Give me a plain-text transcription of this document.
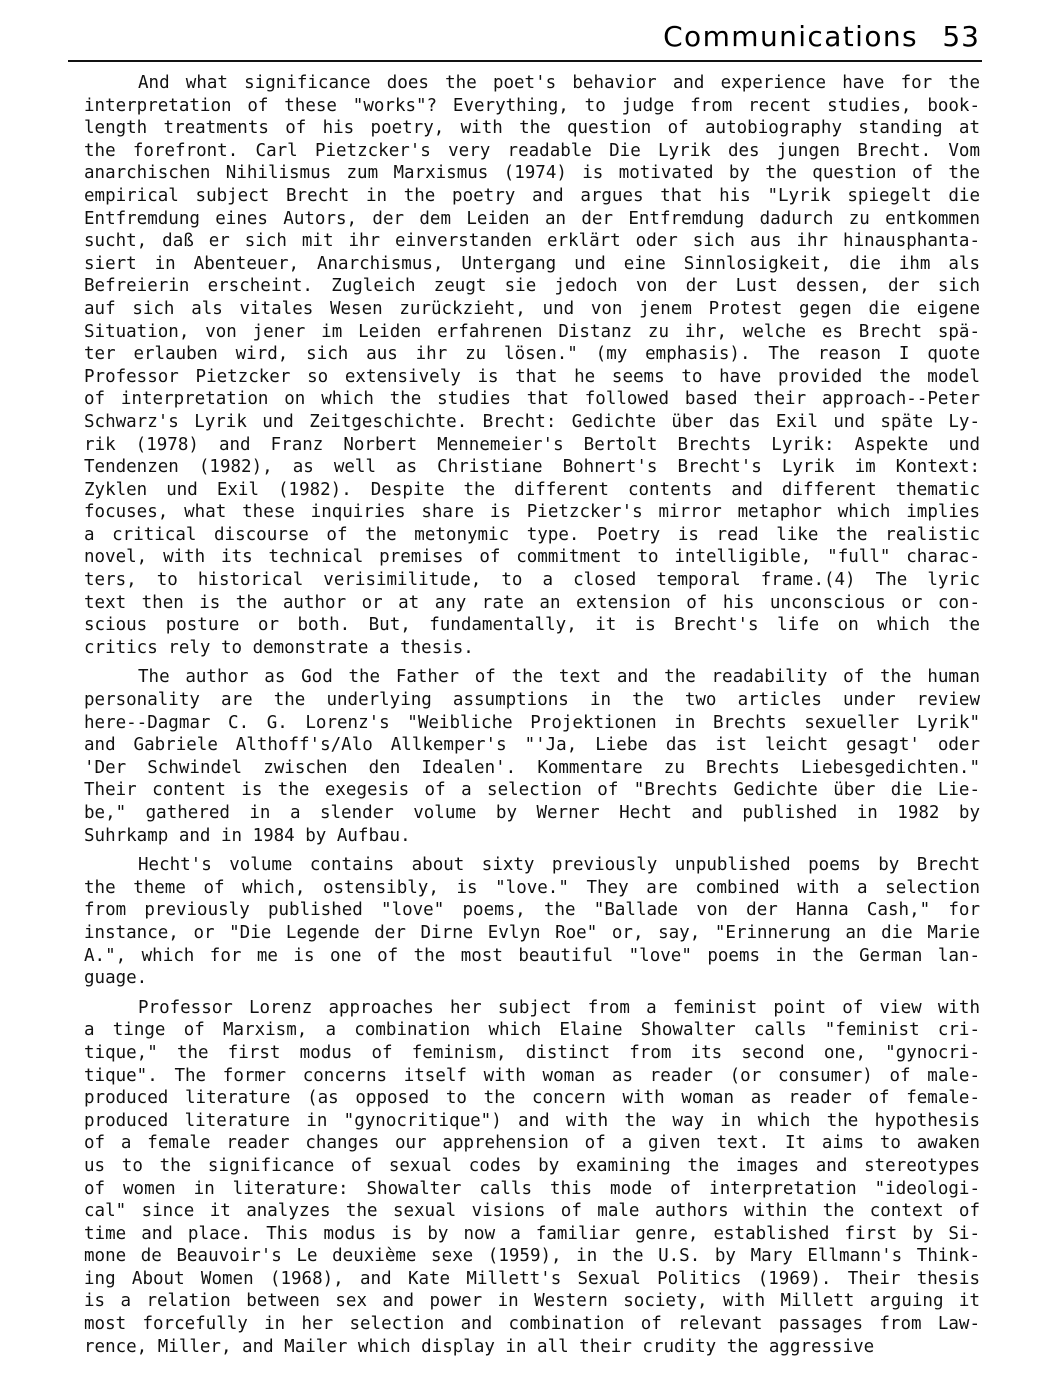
Communications 53
And what significance does the poet's behavior and experience have for the
interpretation of these "works"? Everything, to judge from recent studies, book-
length treatments of his poetry, with the question of autobiography standing at
the forefront. Carl Pietzcker's very readable Die Lyrik des jungen Brecht. Vom
anarchischen Nihilismus zum Marxismus (1974) is motivated by the question of the
empirical subject Brecht in the poetry and argues that his "Lyrik spiegelt die
Entfremdung eines Autors, der dem Leiden an der Entfremdung dadurch zu entkommen
sucht, daß er sich mit ihr einverstanden erklärt oder sich aus ihr hinausphanta-
siert in Abenteuer, Anarchismus, Untergang und eine Sinnlosigkeit, die ihm als
Befreierin erscheint. Zugleich zeugt sie jedoch von der Lust dessen, der sich
auf sich als vitales Wesen zurückzieht, und von jenem Protest gegen die eigene
Situation, von jener im Leiden erfahrenen Distanz zu ihr, welche es Brecht spä-
ter erlauben wird, sich aus ihr zu lösen." (my emphasis). The reason I quote
Professor Pietzcker so extensively is that he seems to have provided the model
of interpretation on which the studies that followed based their approach--Peter
Schwarz's Lyrik und Zeitgeschichte. Brecht: Gedichte über das Exil und späte Ly-
rik (1978) and Franz Norbert Mennemeier's Bertolt Brechts Lyrik: Aspekte und
Tendenzen (1982), as well as Christiane Bohnert's Brecht's Lyrik im Kontext:
Zyklen und Exil (1982). Despite the different contents and different thematic
focuses, what these inquiries share is Pietzcker's mirror metaphor which implies
a critical discourse of the metonymic type. Poetry is read like the realistic
novel, with its technical premises of commitment to intelligible, "full" charac-
ters, to historical verisimilitude, to a closed temporal frame.(4) The lyric
text then is the author or at any rate an extension of his unconscious or con-
scious posture or both. But, fundamentally, it is Brecht's life on which the
critics rely to demonstrate a thesis.
The author as God the Father of the text and the readability of the human
personality are the underlying assumptions in the two articles under review
here--Dagmar C. G. Lorenz's "Weibliche Projektionen in Brechts sexueller Lyrik"
and Gabriele Althoff's/Alo Allkemper's "'Ja, Liebe das ist leicht gesagt' oder
'Der Schwindel zwischen den Idealen'. Kommentare zu Brechts Liebesgedichten."
Their content is the exegesis of a selection of "Brechts Gedichte über die Lie-
be," gathered in a slender volume by Werner Hecht and published in 1982 by
Suhrkamp and in 1984 by Aufbau.
Hecht's volume contains about sixty previously unpublished poems by Brecht
the theme of which, ostensibly, is "love." They are combined with a selection
from previously published "love" poems, the "Ballade von der Hanna Cash," for
instance, or "Die Legende der Dirne Evlyn Roe" or, say, "Erinnerung an die Marie
A.", which for me is one of the most beautiful "love" poems in the German lan-
guage.
Professor Lorenz approaches her subject from a feminist point of view with
a tinge of Marxism, a combination which Elaine Showalter calls "feminist cri-
tique," the first modus of feminism, distinct from its second one, "gynocri-
tique". The former concerns itself with woman as reader (or consumer) of male-
produced literature (as opposed to the concern with woman as reader of female-
produced literature in "gynocritique") and with the way in which the hypothesis
of a female reader changes our apprehension of a given text. It aims to awaken
us to the significance of sexual codes by examining the images and stereotypes
of women in literature: Showalter calls this mode of interpretation "ideologi-
cal" since it analyzes the sexual visions of male authors within the context of
time and place. This modus is by now a familiar genre, established first by Si-
mone de Beauvoir's Le deuxième sexe (1959), in the U.S. by Mary Ellmann's Think-
ing About Women (1968), and Kate Millett's Sexual Politics (1969). Their thesis
is a relation between sex and power in Western society, with Millett arguing it
most forcefully in her selection and combination of relevant passages from Law-
rence, Miller, and Mailer which display in all their crudity the aggressive
